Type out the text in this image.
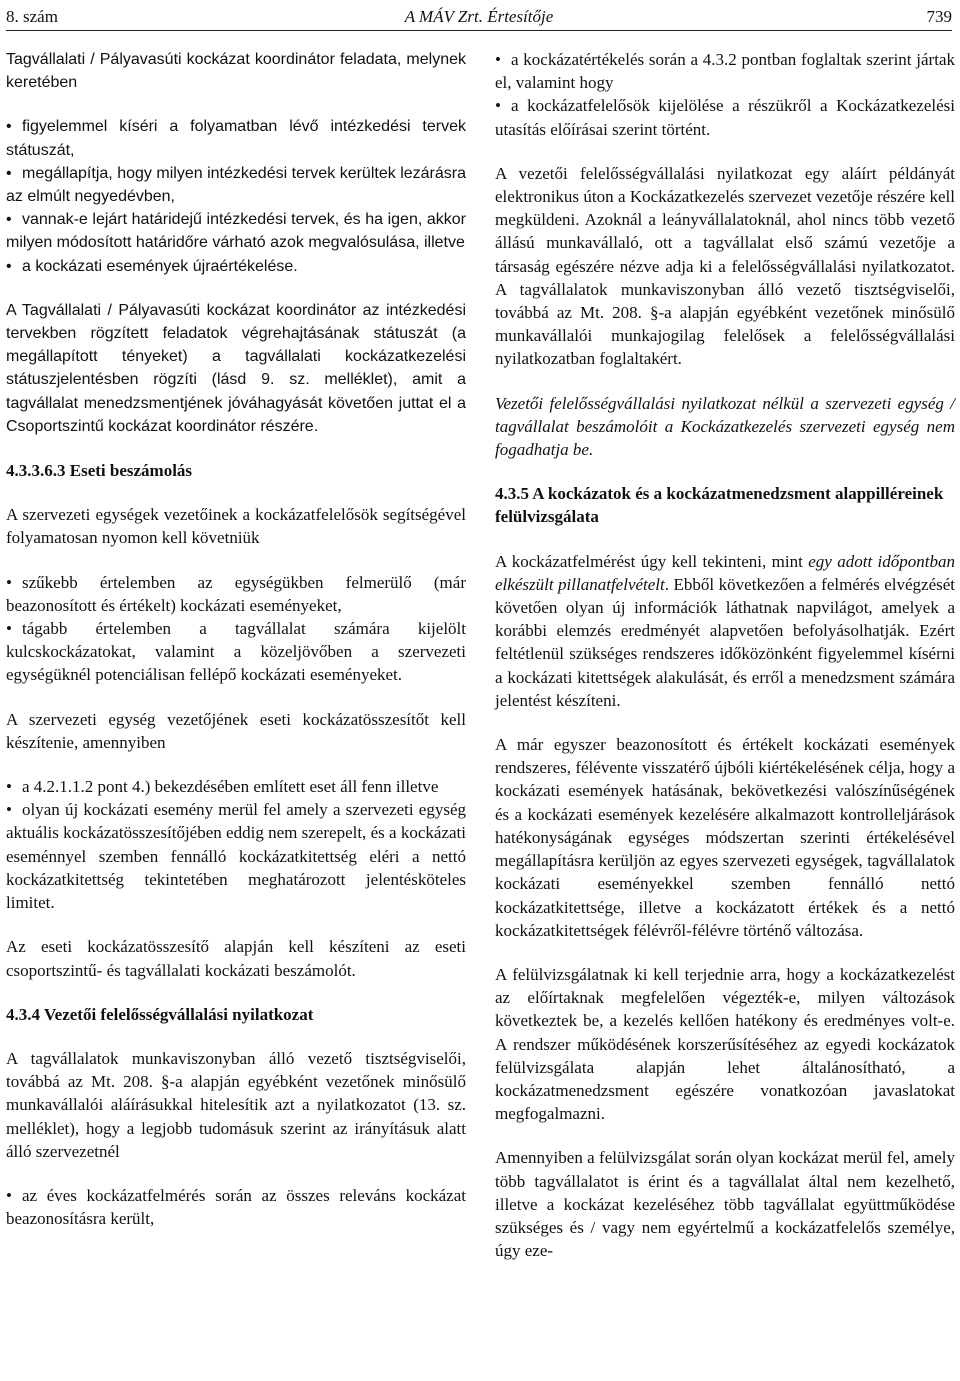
8. szám	A MÁV Zrt. Értesítője	739

Tagvállalati / Pályavasúti kockázat koordinátor feladata, melynek keretében

• figyelemmel kíséri a folyamatban lévő intézkedési tervek státuszát,

• megállapítja, hogy milyen intézkedési tervek kerültek lezárásra az elmúlt negyedévben,

• vannak-e lejárt határidejű intézkedési tervek, és ha igen, akkor milyen módosított határidőre várható azok megvalósulása, illetve

• a kockázati események újraértékelése.

A Tagvállalati / Pályavasúti kockázat koordinátor az intézkedési tervekben rögzített feladatok végrehajtásának státuszát (a megállapított tényeket) a tagvállalati kockázatkezelési státuszjelentésben rögzíti (lásd 9. sz. melléklet), amit a tagvállalat menedzsmentjének jóváhagyását követően juttat el a Csoportszintű kockázat koordinátor részére.

4.3.3.6.3 Eseti beszámolás

A szervezeti egységek vezetőinek a kockázatfelelősök segítségével folyamatosan nyomon kell követniük

• szűkebb értelemben az egységükben felmerülő (már beazonosított és értékelt) kockázati eseményeket,

• tágabb értelemben a tagvállalat számára kijelölt kulcskockázatokat, valamint a közeljövőben a szervezeti egységüknél potenciálisan fellépő kockázati eseményeket.

A szervezeti egység vezetőjének eseti kockázatösszesítőt kell készítenie, amennyiben

• a 4.2.1.1.2 pont 4.) bekezdésében említett eset áll fenn illetve

• olyan új kockázati esemény merül fel amely a szervezeti egység aktuális kockázatösszesítőjében eddig nem szerepelt, és a kockázati eseménnyel szemben fennálló kockázatkitettség eléri a nettó kockázatkitettség tekintetében meghatározott jelentésköteles limitet.

Az eseti kockázatösszesítő alapján kell készíteni az eseti csoportszintű- és tagvállalati kockázati beszámolót.

4.3.4 Vezetői felelősségvállalási nyilatkozat

A tagvállalatok munkaviszonyban álló vezető tisztségviselői, továbbá az Mt. 208. §-a alapján egyébként vezetőnek minősülő munkavállalói aláírásukkal hitelesítik azt a nyilatkozatot (13. sz. melléklet), hogy a legjobb tudomásuk szerint az irányításuk alatt álló szervezetnél

• az éves kockázatfelmérés során az összes releváns kockázat beazonosításra került,

• a kockázatértékelés során a 4.3.2 pontban foglaltak szerint jártak el, valamint hogy

• a kockázatfelelősök kijelölése a részükről a Kockázatkezelési utasítás előírásai szerint történt.

A vezetői felelősségvállalási nyilatkozat egy aláírt példányát elektronikus úton a Kockázatkezelés szervezet vezetője részére kell megküldeni. Azoknál a leányvállalatoknál, ahol nincs több vezető állású munkavállaló, ott a tagvállalat első számú vezetője a társaság egészére nézve adja ki a felelősségvállalási nyilatkozatot. A tagvállalatok munkaviszonyban álló vezető tisztségviselői, továbbá az Mt. 208. §-a alapján egyébként vezetőnek minősülő munkavállalói munkajogilag felelősek a felelősségvállalási nyilatkozatban foglaltakért.

Vezetői felelősségvállalási nyilatkozat nélkül a szervezeti egység / tagvállalat beszámolóit a Kockázatkezelés szervezeti egység nem fogadhatja be.

4.3.5 A kockázatok és a kockázatmenedzsment alappilléreinek felülvizsgálata

A kockázatfelmérést úgy kell tekinteni, mint egy adott időpontban elkészült pillanatfelvételt. Ebből következően a felmérés elvégzését követően olyan új információk láthatnak napvilágot, amelyek a korábbi elemzés eredményét alapvetően befolyásolhatják. Ezért feltétlenül szükséges rendszeres időközönként figyelemmel kísérni a kockázati kitettségek alakulását, és erről a menedzsment számára jelentést készíteni.

A már egyszer beazonosított és értékelt kockázati események rendszeres, félévente visszatérő újbóli kiértékelésének célja, hogy a kockázati események hatásának, bekövetkezési valószínűségének és a kockázati események kezelésére alkalmazott kontrolleljárások hatékonyságának egységes módszertan szerinti értékelésével megállapításra kerüljön az egyes szervezeti egységek, tagvállalatok kockázati eseményekkel szemben fennálló nettó kockázatkitettsége, illetve a kockázatott értékek és a nettó kockázatkitettségek félévről-félévre történő változása.

A felülvizsgálatnak ki kell terjednie arra, hogy a kockázatkezelést az előírtaknak megfelelően végezték-e, milyen változások következtek be, a kezelés kellően hatékony és eredményes volt-e. A rendszer működésének korszerűsítéséhez az egyedi kockázatok felülvizsgálata alapján lehet általánosítható, a kockázatmenedzsment egészére vonatkozóan javaslatokat megfogalmazni.

Amennyiben a felülvizsgálat során olyan kockázat merül fel, amely több tagvállalatot is érint és a tagvállalat által nem kezelhető, illetve a kockázat kezeléséhez több tagvállalat együttműködése szükséges és / vagy nem egyértelmű a kockázatfelelős személye, úgy eze-
